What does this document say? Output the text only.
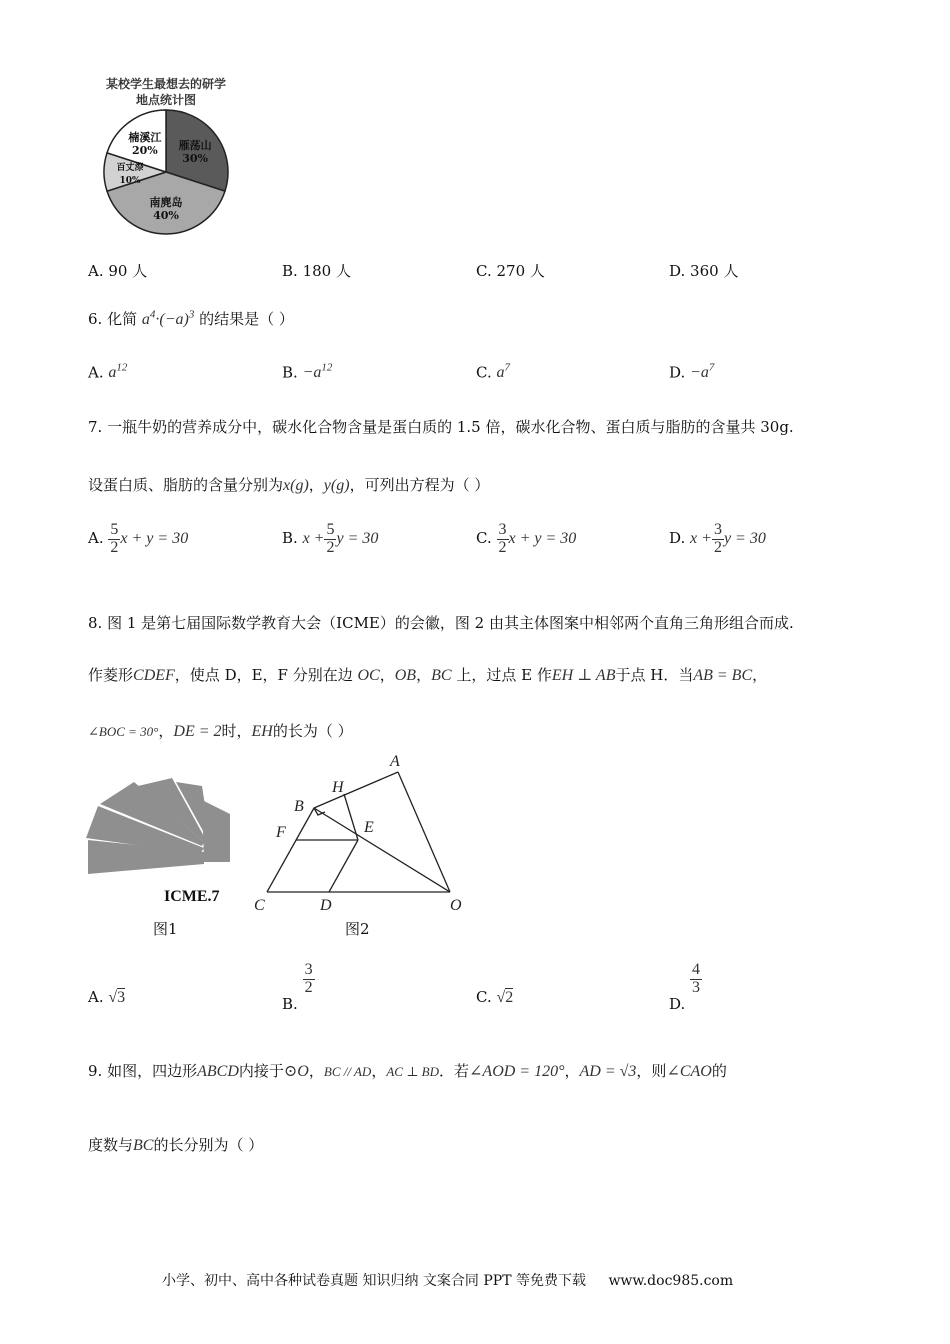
某校学生最想去的研学
地点统计图
雁荡山
30%
南麂岛
40%
百丈漈
10%
楠溪江
20%
A. 90 人	B. 180 人	C. 270 人	D. 360 人
6. 化简 $a^4\cdot(-a)^3$ 的结果是（ ）
A. $a^{12}$	B. $-a^{12}$	C. $a^7$	D. $-a^7$
7. 一瓶牛奶的营养成分中，碳水化合物含量是蛋白质的 1.5 倍，碳水化合物、蛋白质与脂肪的含量共 30g.
设蛋白质、脂肪的含量分别为x(g)，y(g)，可列出方程为（ ）
A. $\frac{5}{2}$ x + y = 30	B. $x + \frac{5}{2}$ y = 30	C. $\frac{3}{2}$ x + y = 30	D. $x + \frac{3}{2}$ y = 30
8. 图 1 是第七届国际数学教育大会（ICME）的会徽，图 2 由其主体图案中相邻两个直角三角形组合而成.
作菱形CDEF，使点 D，E，F 分别在边 OC，OB，BC 上，过点 E 作EH ⊥ AB于点 H．当AB = BC，
∠BOC = 30°，DE = 2时，EH的长为（ ）
ICME.7
图1
A
H
B
E
F
C	D	O
图2
A. √3	B.
$\frac{3}{2}$
C. √2	D.
$\frac{4}{3}$
9. 如图，四边形ABCD内接于⊙O，BC // AD，AC ⊥ BD．若∠AOD = 120°，AD = √3，则∠CAO的
度数与BC的长分别为（ ）
小学、初中、高中各种试卷真题 知识归纳 文案合同 PPT 等免费下载 www.doc985.com
